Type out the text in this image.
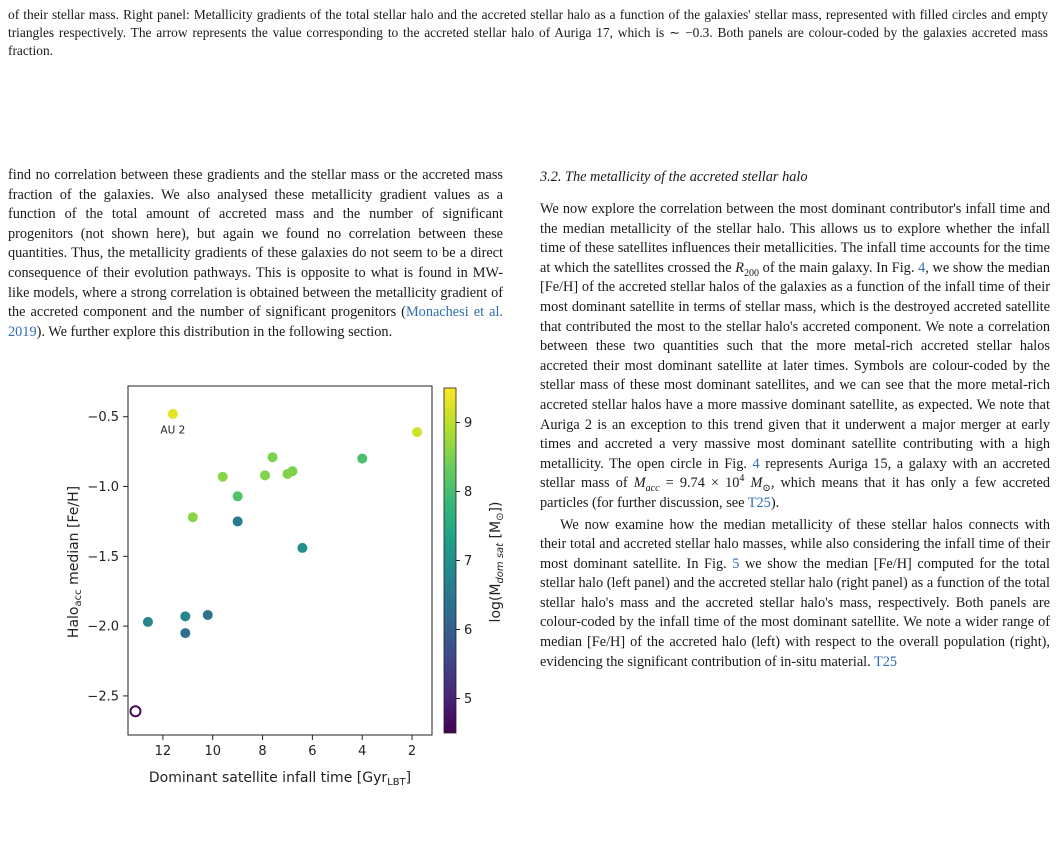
of their stellar mass. Right panel: Metallicity gradients of the total stellar halo and the accreted stellar halo as a function of the galaxies' stellar mass, represented with filled circles and empty triangles respectively. The arrow represents the value corresponding to the accreted stellar halo of Auriga 17, which is ∼ −0.3. Both panels are colour-coded by the galaxies accreted mass fraction.

find no correlation between these gradients and the stellar mass or the accreted mass fraction of the galaxies. We also analysed these metallicity gradient values as a function of the total amount of accreted mass and the number of significant progenitors (not shown here), but again we found no correlation between these quantities. Thus, the metallicity gradients of these galaxies do not seem to be a direct consequence of their evolution pathways. This is opposite to what is found in MW-like models, where a strong correlation is obtained between the metallicity gradient of the accreted component and the number of significant progenitors (Monachesi et al. 2019). We further explore this distribution in the following section.

12	10	8	6	4	2
−0.5
−1.0
−1.5
−2.0
−2.5
AU 2
Dominant satellite infall time [Gyr$_{LBT}$]
Halo$_{acc}$ median [Fe/H]
5
6
7
8
9
$\log(M_{dom sat}$ $[M_⊙]$)

3.2. The metallicity of the accreted stellar halo

We now explore the correlation between the most dominant contributor's infall time and the median metallicity of the stellar halo. This allows us to explore whether the infall time of these satellites influences their metallicities. The infall time accounts for the time at which the satellites crossed the $R_{200}$ of the main galaxy. In Fig. 4, we show the median [Fe/H] of the accreted stellar halos of the galaxies as a function of the infall time of their most dominant satellite in terms of stellar mass, which is the destroyed accreted satellite that contributed the most to the stellar halo's accreted component. We note a correlation between these two quantities such that the more metal-rich accreted stellar halos accreted their most dominant satellite at later times. Symbols are colour-coded by the stellar mass of these most dominant satellites, and we can see that the more metal-rich accreted stellar halos have a more massive dominant satellite, as expected. We note that Auriga 2 is an exception to this trend given that it underwent a major merger at early times and accreted a very massive most dominant satellite contributing with a high metallicity. The open circle in Fig. 4 represents Auriga 15, a galaxy with an accreted stellar mass of $M_{acc} = 9.74 \times 10^4$ $M_⊙$, which means that it has only a few accreted particles (for further discussion, see T25).

We now examine how the median metallicity of these stellar halos connects with their total and accreted stellar halo masses, while also considering the infall time of their most dominant satellite. In Fig. 5 we show the median [Fe/H] computed for the total stellar halo (left panel) and the accreted stellar halo (right panel) as a function of the total stellar halo's mass and the accreted stellar halo's mass, respectively. Both panels are colour-coded by the infall time of the most dominant satellite. We note a wider range of median [Fe/H] of the accreted halo (left) with respect to the overall population (right), evidencing the significant contribution of in-situ material. T25
